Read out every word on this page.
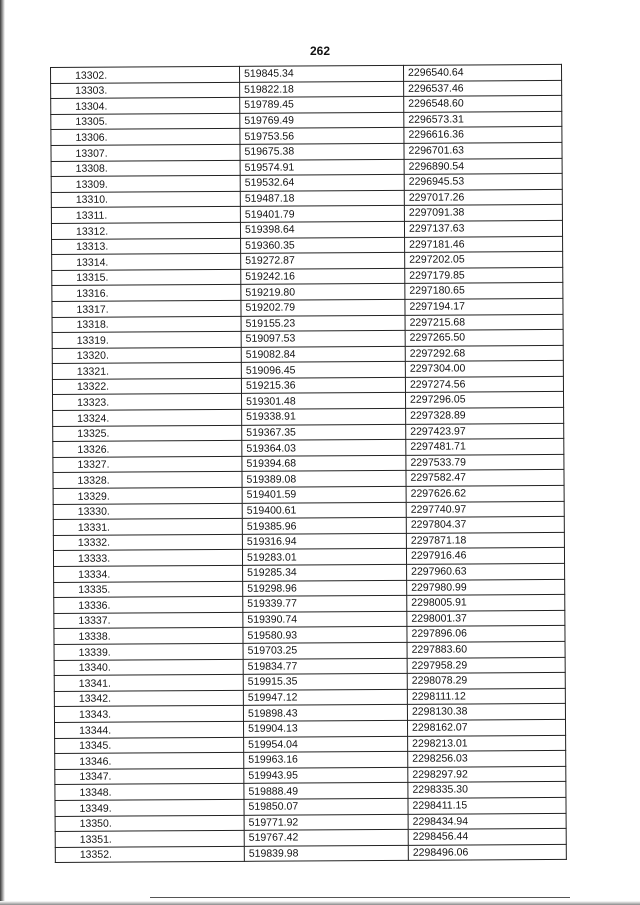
262
13302.	519845.34	2296540.64
13303.	519822.18	2296537.46
13304.	519789.45	2296548.60
13305.	519769.49	2296573.31
13306.	519753.56	2296616.36
13307.	519675.38	2296701.63
13308.	519574.91	2296890.54
13309.	519532.64	2296945.53
13310.	519487.18	2297017.26
13311.	519401.79	2297091.38
13312.	519398.64	2297137.63
13313.	519360.35	2297181.46
13314.	519272.87	2297202.05
13315.	519242.16	2297179.85
13316.	519219.80	2297180.65
13317.	519202.79	2297194.17
13318.	519155.23	2297215.68
13319.	519097.53	2297265.50
13320.	519082.84	2297292.68
13321.	519096.45	2297304.00
13322.	519215.36	2297274.56
13323.	519301.48	2297296.05
13324.	519338.91	2297328.89
13325.	519367.35	2297423.97
13326.	519364.03	2297481.71
13327.	519394.68	2297533.79
13328.	519389.08	2297582.47
13329.	519401.59	2297626.62
13330.	519400.61	2297740.97
13331.	519385.96	2297804.37
13332.	519316.94	2297871.18
13333.	519283.01	2297916.46
13334.	519285.34	2297960.63
13335.	519298.96	2297980.99
13336.	519339.77	2298005.91
13337.	519390.74	2298001.37
13338.	519580.93	2297896.06
13339.	519703.25	2297883.60
13340.	519834.77	2297958.29
13341.	519915.35	2298078.29
13342.	519947.12	2298111.12
13343.	519898.43	2298130.38
13344.	519904.13	2298162.07
13345.	519954.04	2298213.01
13346.	519963.16	2298256.03
13347.	519943.95	2298297.92
13348.	519888.49	2298335.30
13349.	519850.07	2298411.15
13350.	519771.92	2298434.94
13351.	519767.42	2298456.44
13352.	519839.98	2298496.06
